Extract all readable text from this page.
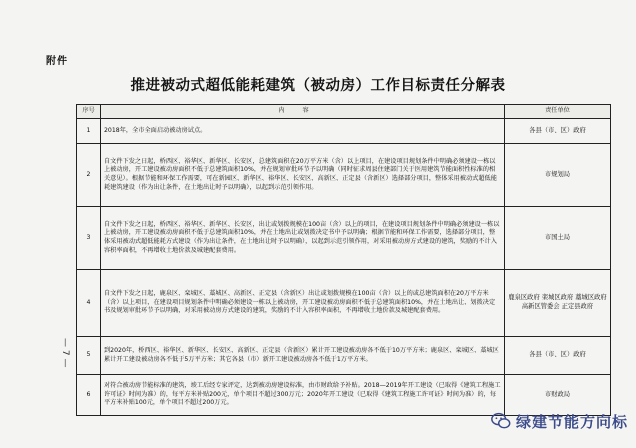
附件
推进被动式超低能耗建筑（被动房）工作目标责任分解表
序号	内容	责任单位
1	2018年，全市全面启动被动房试点。	各县（市、区）政府
2	自文件下发之日起，桥西区、裕华区、新华区、长安区，总建筑面积在20万平方米（含）以上项目，在建设项目规划条件中明确必须建设一栋以上被动房，开工建设被动房面积不低于总建筑面积10%，并在规划审批环节予以明确（同时征求周县住建部门关于医用建筑节能面积性标准的相关意见）。根据节能和环保工作需要，可在新园区、新华区、裕华区、长安区、高新区、正定县（含新区）选择部分项目，整体采用被动式超低能耗建筑建设（作为出让条件，在土地出让时予以明确），以起到示范引领作用。	市规划局
3	自文件下发之日起，桥西区、裕华区、新华区、长安区，出让或划拨规模在100亩（含）以上的项目，在建设项目规划条件中明确必须建设一栋以上被动房，开工建设被动房面积不低于总建筑面积10%，并在土地出让或划拨决定书中予以明确；根据节能和环保工作需要，选择部分项目，整体采用被动式超低能耗方式建设（作为出让条件，在土地出让时予以明确），以起到示范引领作用，对采用被动房方式建设的建筑，奖励的不计入容积率面积，不再增收土地价款及城建配套费用。	市国土局
4	自文件下发之日起，鹿泉区、栾城区、藁城区、高新区、正定县（含新区）出让或划拨规模在100亩（含）以上的或总建筑面积在20万平方米（含）以上项目，在建设项目规划条件中明确必须建设一栋以上被动房，开工建设被动房面积不低于总建筑面积10%，并在土地出让、划拨决定书及规划审批环节予以明确，对采用被动房方式建设的建筑，奖励的不计入容积率面积，不再增收土地价款及城建配套费用。	鹿泉区政府 栾城区政府 藁城区政府 高新区管委会 正定县政府
5	到2020年，桥西区、裕华区、新华区、长安区、高新区、正定县（含新区）累计开工建设被动房各不低于10万平方米；鹿泉区、栾城区、藁城区累计开工建设被动房各不低于5万平方米；其它各县（市）新开工建设被动房各不低于1万平方米。	各县（市、区）政府
6	对符合被动房节能标准的建筑，竣工后经专家评定，达到被动房建设标准，由市财政给予补贴。2018—2019年开工建设（已取得《建筑工程施工许可证》时间为准）的，每平方米补贴200元，单个项目不超过300万元；2020年开工建设（已取得《建筑工程施工许可证》时间为准）的，每平方米补贴100元，单个项目不超过200万元。	市财政局
— 7 —
绿建节能方向标
